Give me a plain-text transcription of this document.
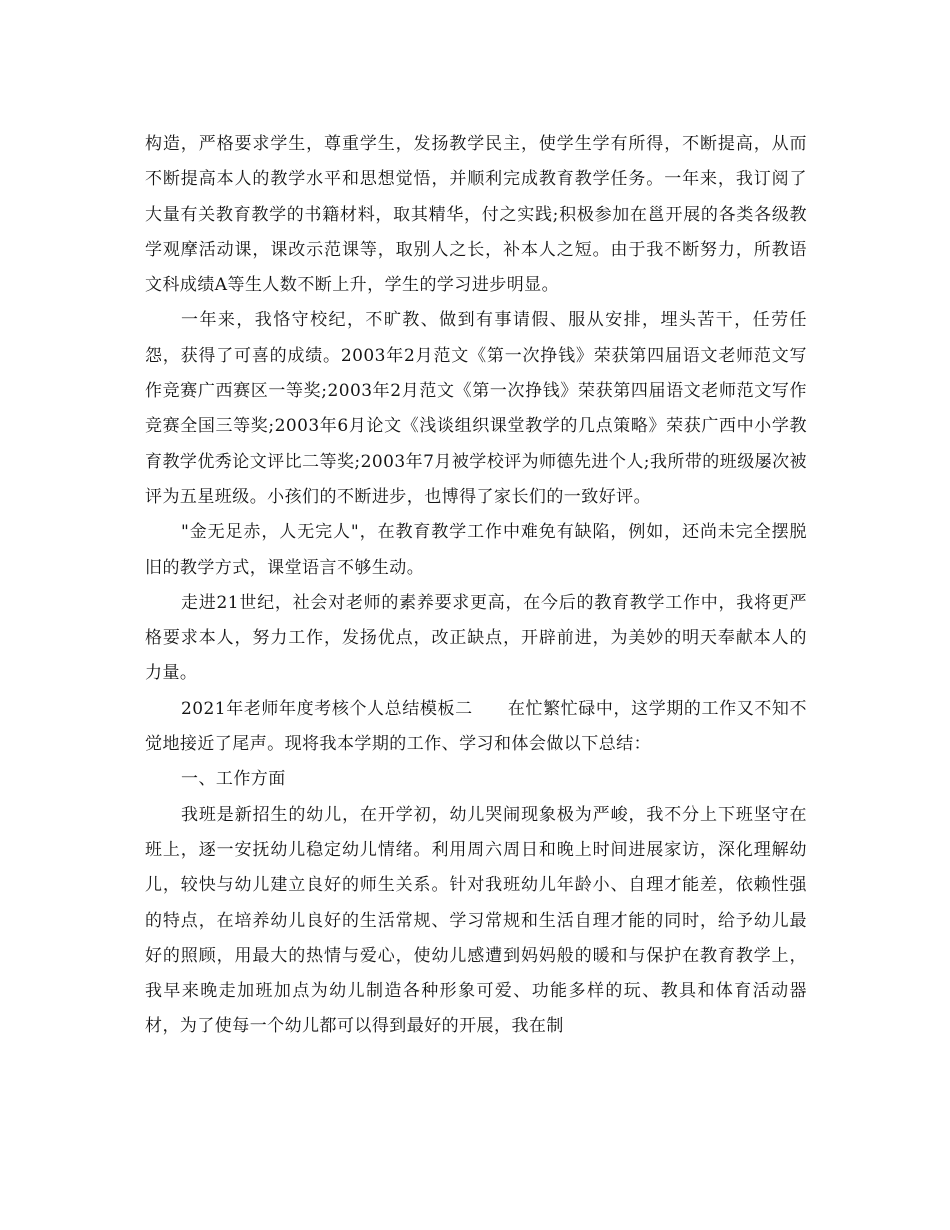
构造，严格要求学生，尊重学生，发扬教学民主，使学生学有所得，不断提高，从而不断提高本人的教学水平和思想觉悟，并顺利完成教育教学任务。一年来，我订阅了大量有关教育教学的书籍材料，取其精华，付之实践;积极参加在邕开展的各类各级教学观摩活动课，课改示范课等，取别人之长，补本人之短。由于我不断努力，所教语文科成绩A等生人数不断上升，学生的学习进步明显。

一年来，我恪守校纪，不旷教、做到有事请假、服从安排，埋头苦干，任劳任怨，获得了可喜的成绩。2003年2月范文《第一次挣钱》荣获第四届语文老师范文写作竞赛广西赛区一等奖;2003年2月范文《第一次挣钱》荣获第四届语文老师范文写作竞赛全国三等奖;2003年6月论文《浅谈组织课堂教学的几点策略》荣获广西中小学教育教学优秀论文评比二等奖;2003年7月被学校评为师德先进个人;我所带的班级屡次被评为五星班级。小孩们的不断进步，也博得了家长们的一致好评。

"金无足赤，人无完人"，在教育教学工作中难免有缺陷，例如，还尚未完全摆脱旧的教学方式，课堂语言不够生动。

走进21世纪，社会对老师的素养要求更高，在今后的教育教学工作中，我将更严格要求本人，努力工作，发扬优点，改正缺点，开辟前进，为美妙的明天奉献本人的力量。

2021年老师年度考核个人总结模板二　　在忙繁忙碌中，这学期的工作又不知不觉地接近了尾声。现将我本学期的工作、学习和体会做以下总结：

一、工作方面

我班是新招生的幼儿，在开学初，幼儿哭闹现象极为严峻，我不分上下班坚守在班上，逐一安抚幼儿稳定幼儿情绪。利用周六周日和晚上时间进展家访，深化理解幼儿，较快与幼儿建立良好的师生关系。针对我班幼儿年龄小、自理才能差，依赖性强的特点，在培养幼儿良好的生活常规、学习常规和生活自理才能的同时，给予幼儿最好的照顾，用最大的热情与爱心，使幼儿感遭到妈妈般的暖和与保护在教育教学上，我早来晚走加班加点为幼儿制造各种形象可爱、功能多样的玩、教具和体育活动器材，为了使每一个幼儿都可以得到最好的开展，我在制
